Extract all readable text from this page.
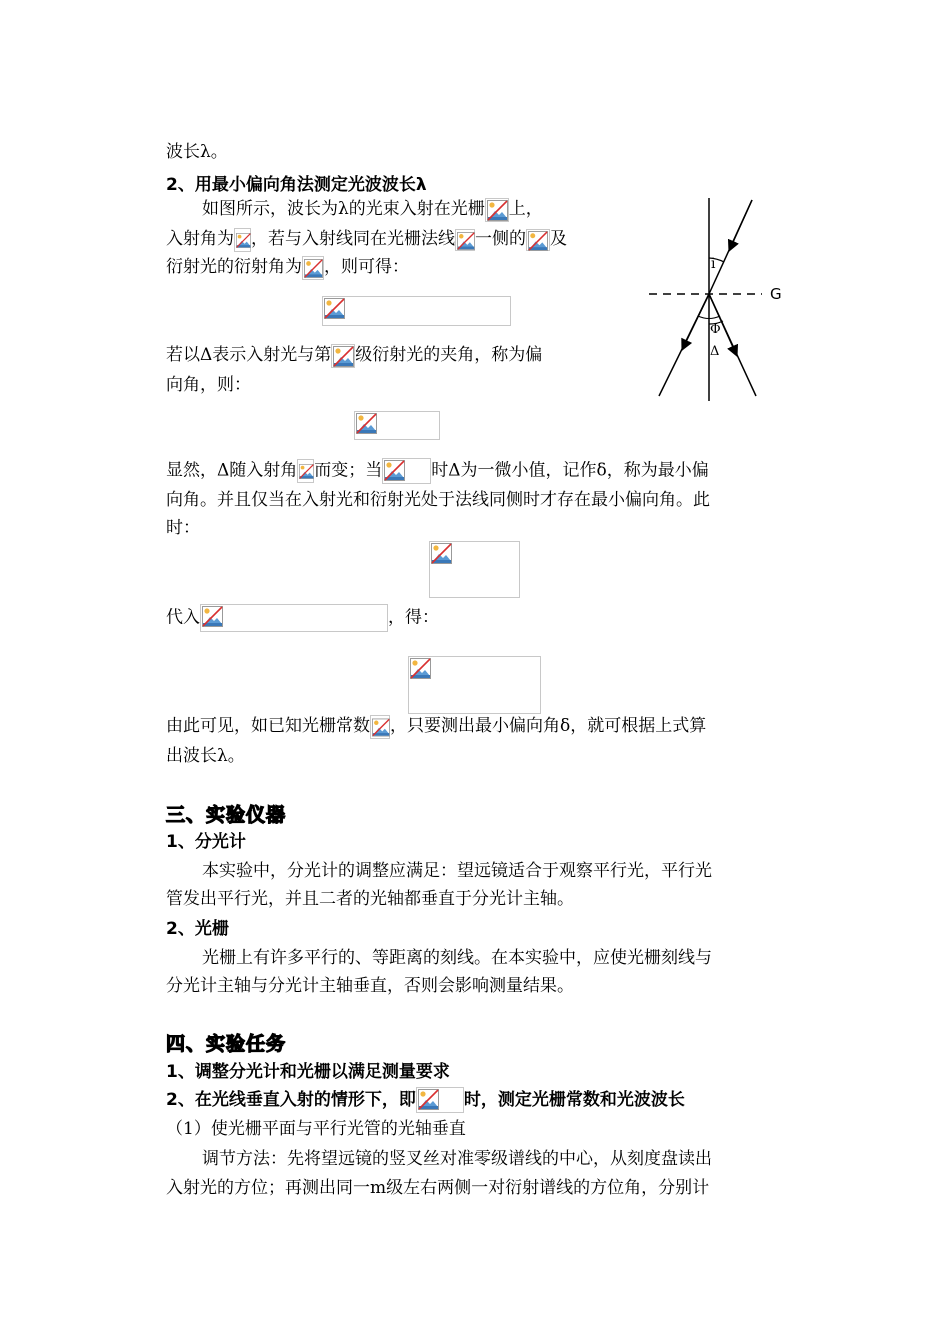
波长λ。
2、用最小偏向角法测定光波波长λ
如图所示，波长为λ的光束入射在光栅 上，
入射角为 ，若与入射线同在光栅法线 一侧的 及
衍射光的衍射角为 ，则可得：
若以Δ表示入射光与第 级衍射光的夹角，称为偏
向角，则：
显然，Δ随入射角 而变；当	时Δ为一微小值，记作δ，称为最小偏
向角。并且仅当在入射光和衍射光处于法线同侧时才存在最小偏向角。此
时：
代入	，得：
由此可见，如已知光栅常数 ，只要测出最小偏向角δ，就可根据上式算
出波长λ。
三、实验仪器
1、分光计
本实验中，分光计的调整应满足：望远镜适合于观察平行光，平行光
管发出平行光，并且二者的光轴都垂直于分光计主轴。
2、光栅
光栅上有许多平行的、等距离的刻线。在本实验中，应使光栅刻线与
分光计主轴与分光计主轴垂直，否则会影响测量结果。
四、实验任务
1、调整分光计和光栅以满足测量要求
2、在光线垂直入射的情形下，即	时，测定光栅常数和光波波长
（1）使光栅平面与平行光管的光轴垂直
调节方法：先将望远镜的竖叉丝对准零级谱线的中心，从刻度盘读出
入射光的方位；再测出同一m级左右两侧一对衍射谱线的方位角，分别计
i
Φ
Δ
G
